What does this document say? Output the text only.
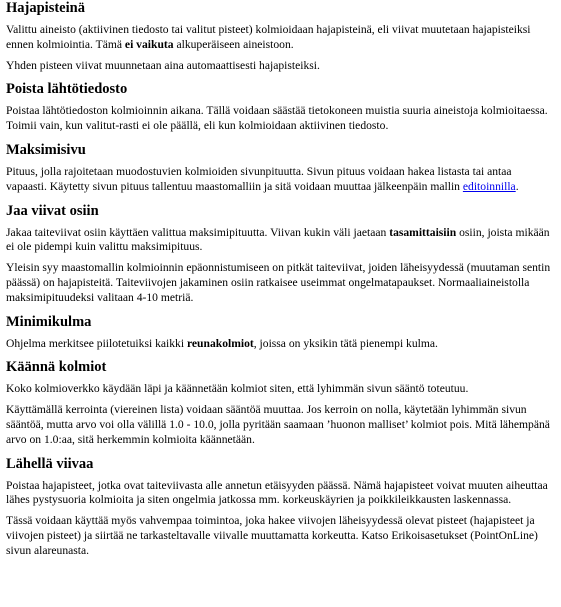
Hajapisteinä

Valittu aineisto (aktiivinen tiedosto tai valitut pisteet) kolmioidaan hajapisteinä, eli viivat muutetaan hajapisteiksi ennen kolmiointia. Tämä ei vaikuta alkuperäiseen aineistoon.

Yhden pisteen viivat muunnetaan aina automaattisesti hajapisteiksi.

Poista lähtötiedosto

Poistaa lähtötiedoston kolmioinnin aikana. Tällä voidaan säästää tietokoneen muistia suuria aineistoja kolmioitaessa. Toimii vain, kun valitut-rasti ei ole päällä, eli kun kolmioidaan aktiivinen tiedosto.

Maksimisivu

Pituus, jolla rajoitetaan muodostuvien kolmioiden sivunpituutta. Sivun pituus voidaan hakea listasta tai antaa vapaasti. Käytetty sivun pituus tallentuu maastomalliin ja sitä voidaan muuttaa jälkeenpäin mallin editoinnilla.

Jaa viivat osiin

Jakaa taiteviivat osiin käyttäen valittua maksimipituutta. Viivan kukin väli jaetaan tasamittaisiin osiin, joista mikään ei ole pidempi kuin valittu maksimipituus.

Yleisin syy maastomallin kolmioinnin epäonnistumiseen on pitkät taiteviivat, joiden läheisyydessä (muutaman sentin päässä) on hajapisteitä. Taiteviivojen jakaminen osiin ratkaisee useimmat ongelmatapaukset. Normaaliaineistolla maksimipituudeksi valitaan 4-10 metriä.

Minimikulma

Ohjelma merkitsee piilotetuiksi kaikki reunakolmiot, joissa on yksikin tätä pienempi kulma.

Käännä kolmiot

Koko kolmioverkko käydään läpi ja käännetään kolmiot siten, että lyhimmän sivun sääntö toteutuu.

Käyttämällä kerrointa (viereinen lista) voidaan sääntöä muuttaa. Jos kerroin on nolla, käytetään lyhimmän sivun sääntöä, mutta arvo voi olla välillä 1.0 - 10.0, jolla pyritään saamaan ’huonon malliset’ kolmiot pois. Mitä lähempänä arvo on 1.0:aa, sitä herkemmin kolmioita käännetään.

Lähellä viivaa

Poistaa hajapisteet, jotka ovat taiteviivasta alle annetun etäisyyden päässä. Nämä hajapisteet voivat muuten aiheuttaa lähes pystysuoria kolmioita ja siten ongelmia jatkossa mm. korkeuskäyrien ja poikkileikkausten laskennassa.

Tässä voidaan käyttää myös vahvempaa toimintoa, joka hakee viivojen läheisyydessä olevat pisteet (hajapisteet ja viivojen pisteet) ja siirtää ne tarkasteltavalle viivalle muuttamatta korkeutta. Katso Erikoisasetukset (PointOnLine) sivun alareunasta.
